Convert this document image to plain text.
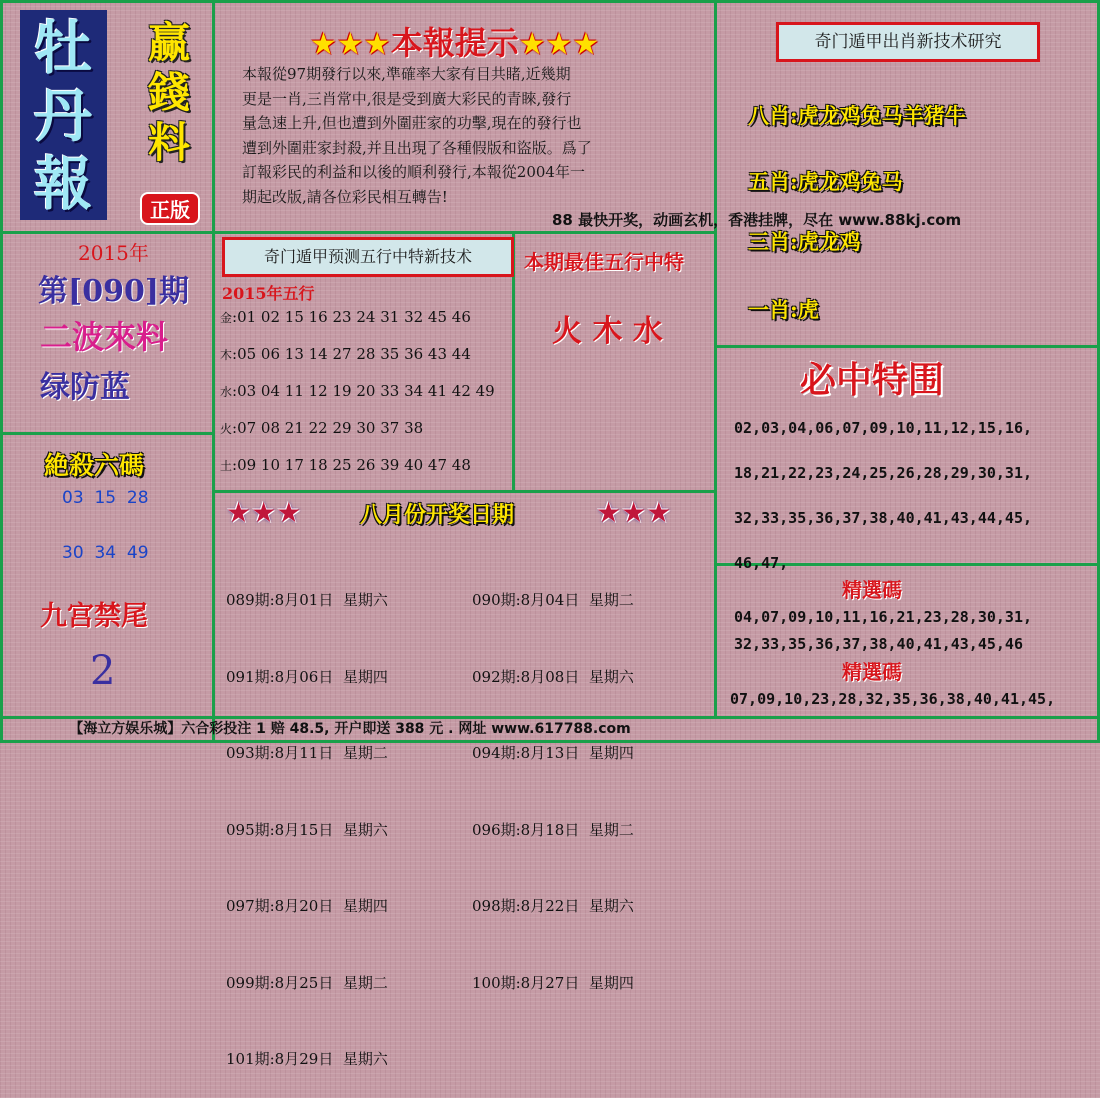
牡
丹
報
赢
錢
料
正版
★★★本報提示★★★
本報從97期發行以來,準確率大家有目共睹,近幾期
更是一肖,三肖常中,很是受到廣大彩民的青睞,發行
量急速上升,但也遭到外圍莊家的功擊,現在的發行也
遭到外圍莊家封殺,并且出現了各種假版和盜版。爲了
訂報彩民的利益和以後的順利發行,本報從2004年一
期起改版,請各位彩民相互轉告!
88 最快开奖，动画玄机，香港挂牌，尽在 www.88kj.com
奇门遁甲出肖新技术研究
八肖:虎龙鸡兔马羊猪牛
五肖:虎龙鸡兔马
三肖:虎龙鸡
一肖:虎
2015年
第[090]期
二波來料
绿防蓝
絶殺六碼
03  15  28
30  34  49
九宫禁尾
2
奇门遁甲预测五行中特新技术
2015年五行
金:01 02 15 16 23 24 31 32 45 46
木:05 06 13 14 27 28 35 36 43 44
水:03 04 11 12 19 20 33 34 41 42 49
火:07 08 21 22 29 30 37 38
土:09 10 17 18 25 26 39 40 47 48
本期最佳五行中特
火 木 水
★★★	八月份开奖日期	★★★

089期:8月01日  星期六

091期:8月06日  星期四

093期:8月11日  星期二

095期:8月15日  星期六

097期:8月20日  星期四

099期:8月25日  星期二

101期:8月29日  星期六

090期:8月04日  星期二

092期:8月08日  星期六

094期:8月13日  星期四

096期:8月18日  星期二

098期:8月22日  星期六

100期:8月27日  星期四

必中特围
02,03,04,06,07,09,10,11,12,15,16,
18,21,22,23,24,25,26,28,29,30,31,
32,33,35,36,37,38,40,41,43,44,45,
46,47,
精選碼
04,07,09,10,11,16,21,23,28,30,31,
32,33,35,36,37,38,40,41,43,45,46
精選碼
07,09,10,23,28,32,35,36,38,40,41,45,
【海立方娱乐城】六合彩投注 1 赔 48.5, 开户即送 388 元 . 网址 www.617788.com
